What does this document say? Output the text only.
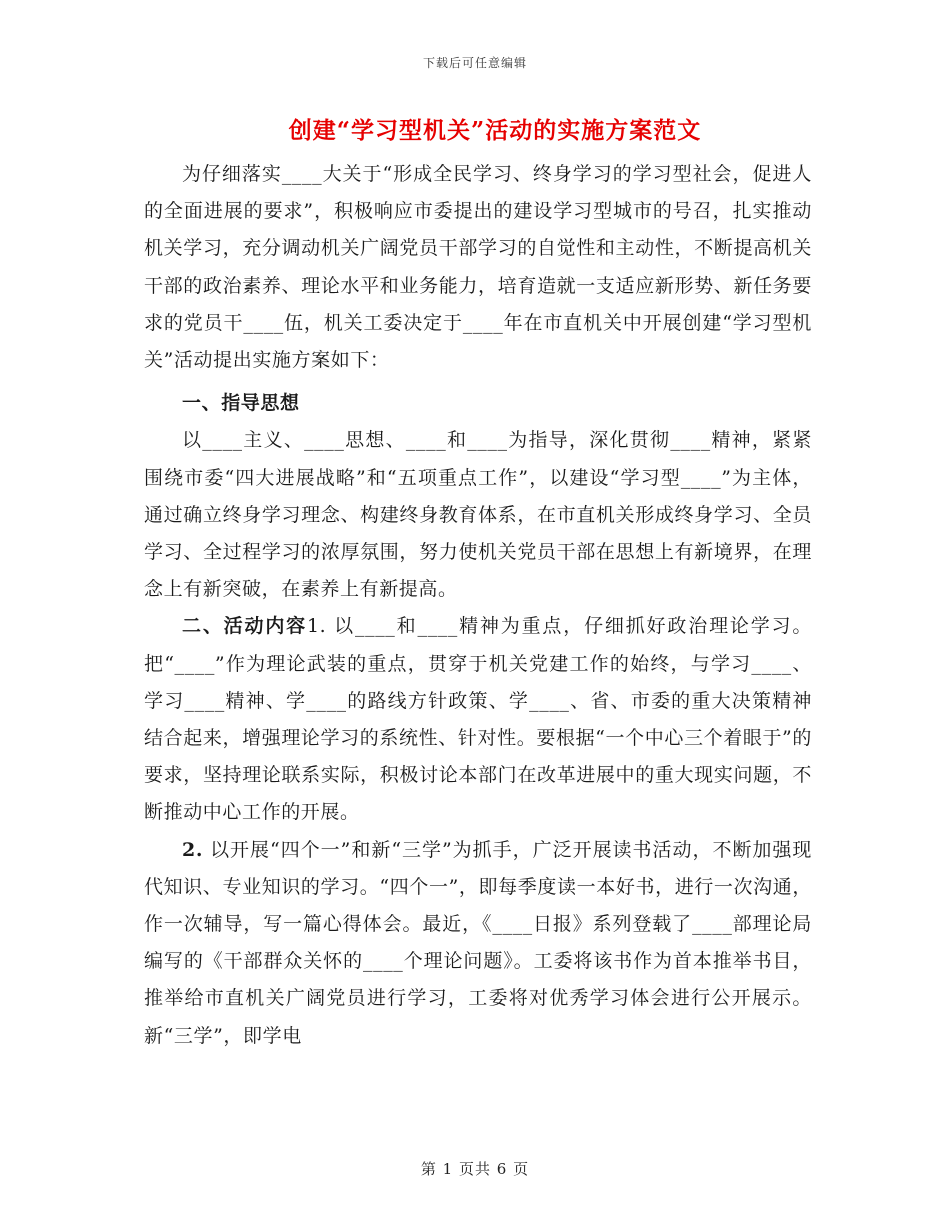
下载后可任意编辑
创建“学习型机关”活动的实施方案范文

为仔细落实____大关于“形成全民学习、终身学习的学习型社会，促进人的全面进展的要求”，积极响应市委提出的建设学习型城市的号召，扎实推动机关学习，充分调动机关广阔党员干部学习的自觉性和主动性，不断提高机关干部的政治素养、理论水平和业务能力，培育造就一支适应新形势、新任务要求的党员干____伍，机关工委决定于____年在市直机关中开展创建“学习型机关”活动提出实施方案如下：

一、指导思想

以____主义、____思想、____和____为指导，深化贯彻____精神，紧紧围绕市委“四大进展战略”和“五项重点工作”，以建设“学习型____”为主体，通过确立终身学习理念、构建终身教育体系，在市直机关形成终身学习、全员学习、全过程学习的浓厚氛围，努力使机关党员干部在思想上有新境界，在理念上有新突破，在素养上有新提高。

二、活动内容1. 以____和____精神为重点，仔细抓好政治理论学习。把“____”作为理论武装的重点，贯穿于机关党建工作的始终，与学习____、学习____精神、学____的路线方针政策、学____、省、市委的重大决策精神结合起来，增强理论学习的系统性、针对性。要根据“一个中心三个着眼于”的要求，坚持理论联系实际，积极讨论本部门在改革进展中的重大现实问题，不断推动中心工作的开展。

2. 以开展“四个一”和新“三学”为抓手，广泛开展读书活动，不断加强现代知识、专业知识的学习。“四个一”，即每季度读一本好书，进行一次沟通，作一次辅导，写一篇心得体会。最近，《____日报》系列登载了____部理论局编写的《干部群众关怀的____个理论问题》。工委将该书作为首本推举书目，推举给市直机关广阔党员进行学习，工委将对优秀学习体会进行公开展示。新“三学”，即学电

第 1 页共 6 页
